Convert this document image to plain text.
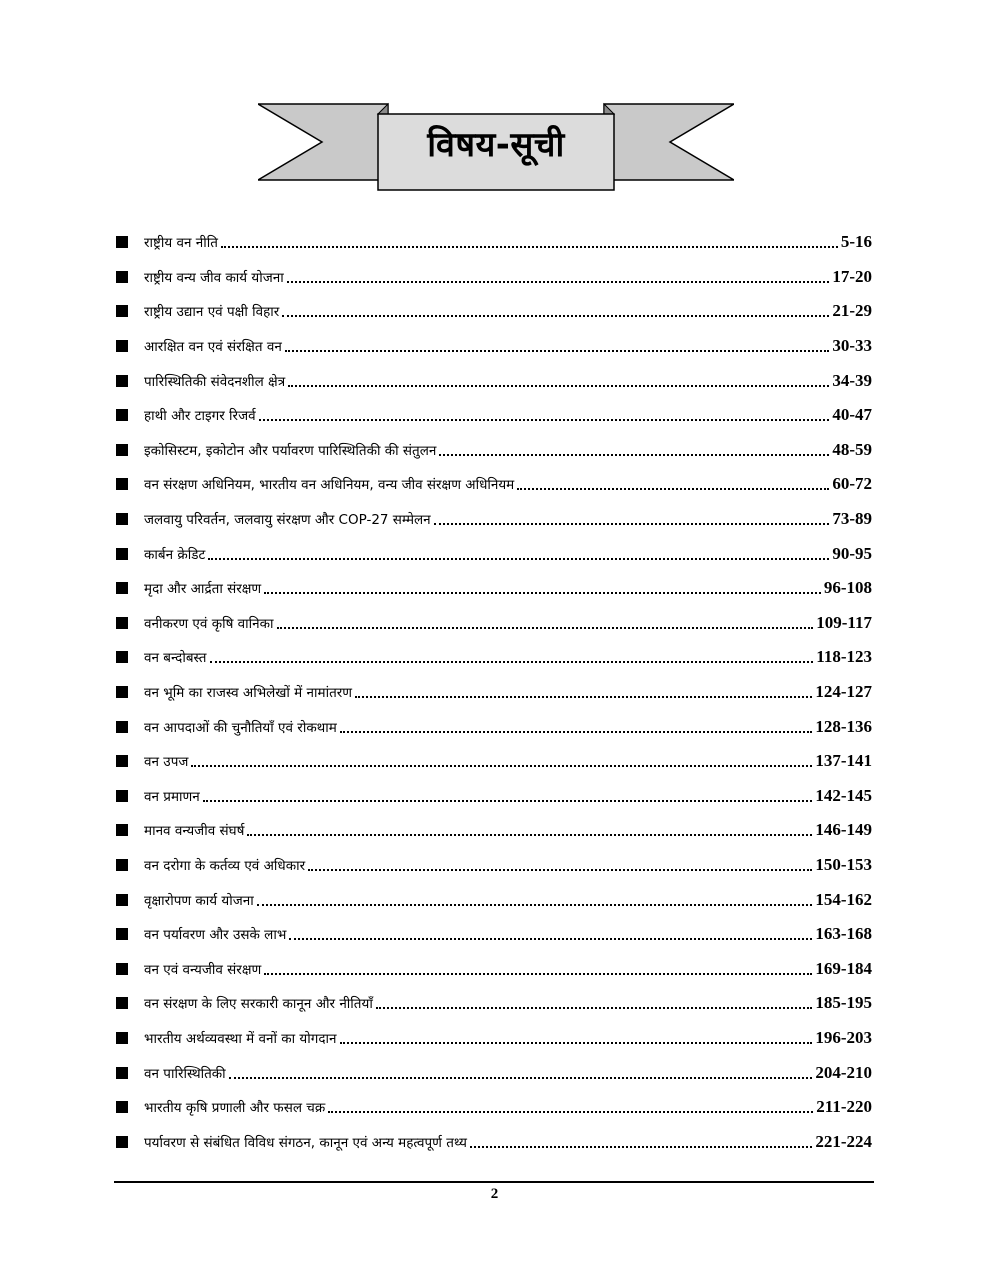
विषय-सूची
राष्ट्रीय वन नीति	5-16
राष्ट्रीय वन्य जीव कार्य योजना	17-20
राष्ट्रीय उद्यान एवं पक्षी विहार	21-29
आरक्षित वन एवं संरक्षित वन	30-33
पारिस्थितिकी संवेदनशील क्षेत्र	34-39
हाथी और टाइगर रिजर्व	40-47
इकोसिस्टम, इकोटोन और पर्यावरण पारिस्थितिकी की संतुलन	48-59
वन संरक्षण अधिनियम, भारतीय वन अधिनियम, वन्य जीव संरक्षण अधिनियम	60-72
जलवायु परिवर्तन, जलवायु संरक्षण और COP-27 सम्मेलन	73-89
कार्बन क्रेडिट	90-95
मृदा और आर्द्रता संरक्षण	96-108
वनीकरण एवं कृषि वानिका	109-117
वन बन्दोबस्त	118-123
वन भूमि का राजस्व अभिलेखों में नामांतरण	124-127
वन आपदाओं की चुनौतियाँ एवं रोकथाम	128-136
वन उपज	137-141
वन प्रमाणन	142-145
मानव वन्यजीव संघर्ष	146-149
वन दरोगा के कर्तव्य एवं अधिकार	150-153
वृक्षारोपण कार्य योजना	154-162
वन पर्यावरण और उसके लाभ	163-168
वन एवं वन्यजीव संरक्षण	169-184
वन संरक्षण के लिए सरकारी कानून और नीतियाँ	185-195
भारतीय अर्थव्यवस्था में वनों का योगदान	196-203
वन पारिस्थितिकी	204-210
भारतीय कृषि प्रणाली और फसल चक्र	211-220
पर्यावरण से संबंधित विविध संगठन, कानून एवं अन्य महत्वपूर्ण तथ्य	221-224
2
